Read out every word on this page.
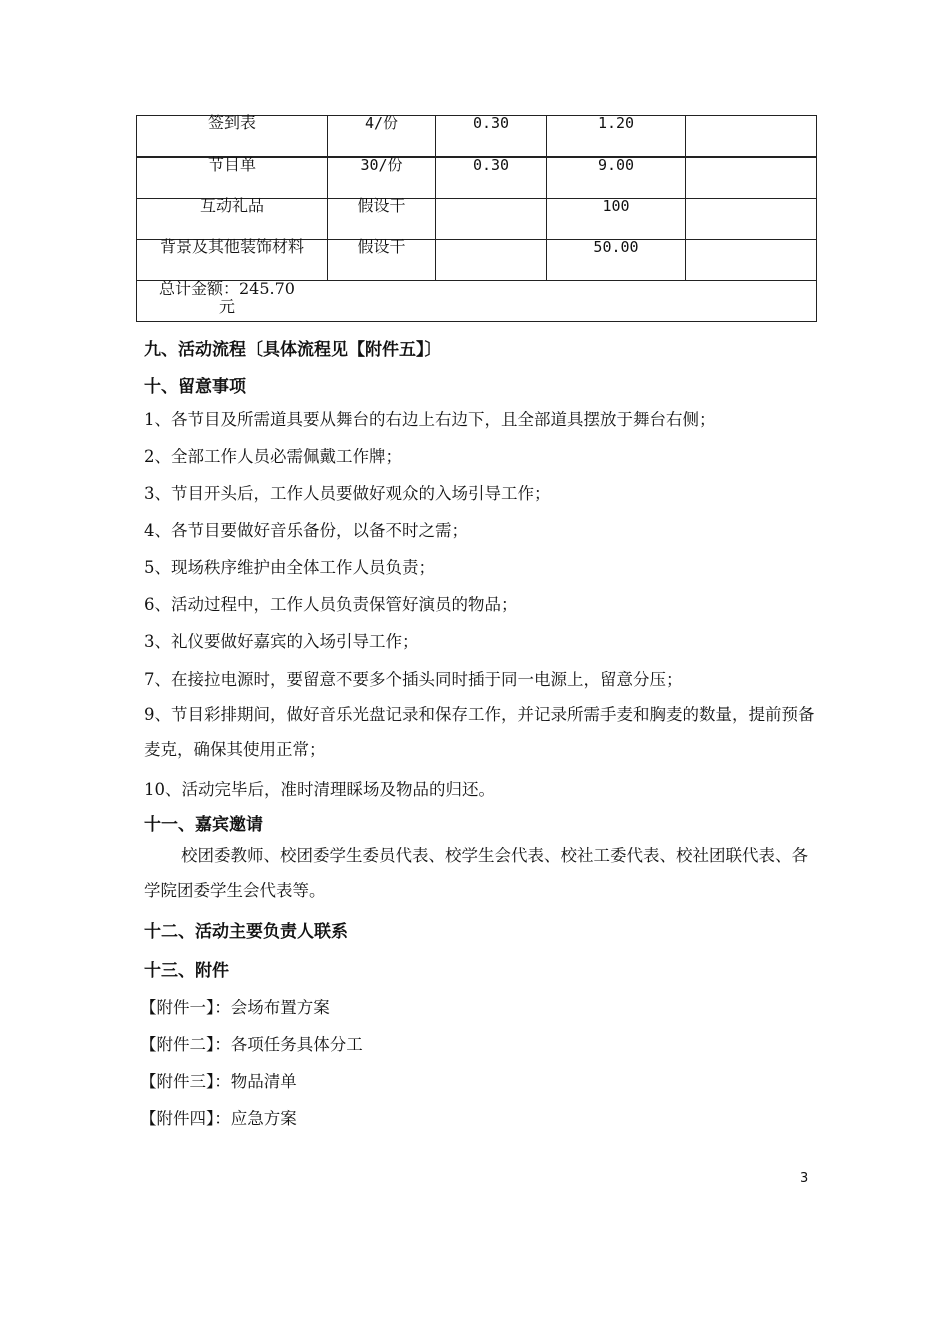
签到表	4/份	0.30	1.20	

节目单	30/份	0.30	9.00	

互动礼品	假设干		100	

背景及其他装饰材料	假设干		50.00	

总计金额：245.70
元				
九、活动流程〔具体流程见【附件五】〕
十、留意事项
1、各节目及所需道具要从舞台的右边上右边下，且全部道具摆放于舞台右侧；
2、全部工作人员必需佩戴工作牌；
3、节目开头后，工作人员要做好观众的入场引导工作；
4、各节目要做好音乐备份，以备不时之需；
5、现场秩序维护由全体工作人员负责；
6、活动过程中，工作人员负责保管好演员的物品；
3、礼仪要做好嘉宾的入场引导工作；
7、在接拉电源时，要留意不要多个插头同时插于同一电源上，留意分压；
9、节目彩排期间，做好音乐光盘记录和保存工作，并记录所需手麦和胸麦的数量，提前预备麦克，确保其使用正常；
10、活动完毕后，准时清理睬场及物品的归还。
十一、嘉宾邀请
校团委教师、校团委学生委员代表、校学生会代表、校社工委代表、校社团联代表、各学院团委学生会代表等。
十二、活动主要负责人联系
十三、附件
【附件一】：会场布置方案
【附件二】：各项任务具体分工
【附件三】：物品清单
【附件四】：应急方案
3
